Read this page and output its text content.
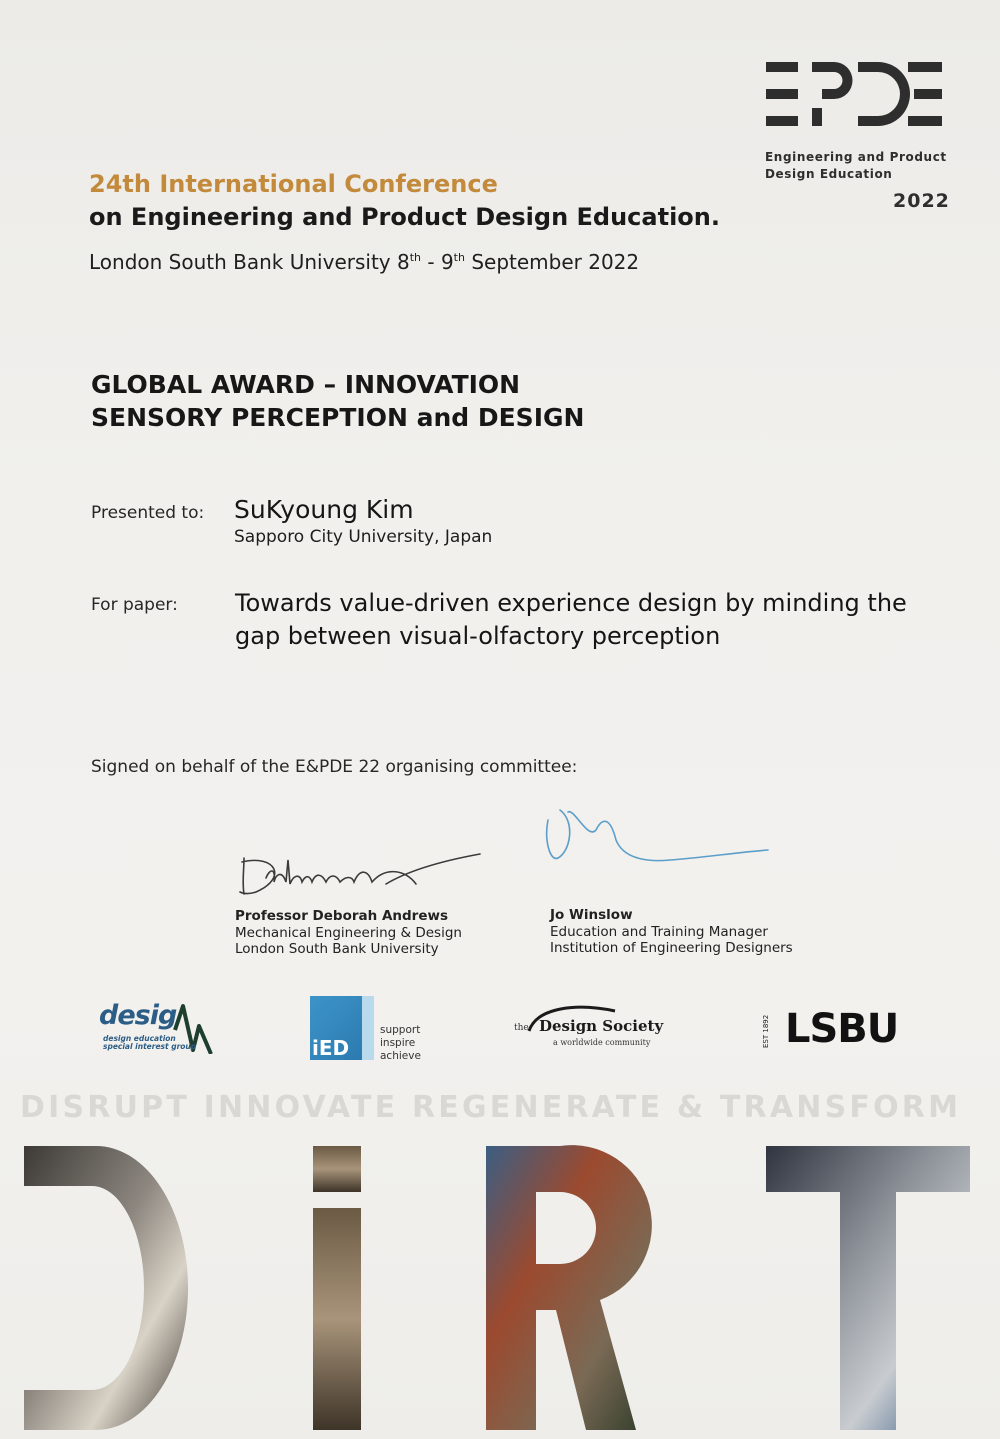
Engineering and Product
Design Education
2022
24th International Conference
on Engineering and Product Design Education.
London South Bank University 8th - 9th September 2022
GLOBAL AWARD – INNOVATION
SENSORY PERCEPTION and DESIGN
Presented to: SuKyoung Kim
Sapporo City University, Japan
For paper: Towards value-driven experience design by minding the gap between visual-olfactory perception
Signed on behalf of the E&PDE 22 organising committee:
Professor Deborah Andrews
Mechanical Engineering & Design
London South Bank University
Jo Winslow
Education and Training Manager
Institution of Engineering Designers
desig
design education
special interest group	iED
support
inspire
achieve
the Design Society
a worldwide community	EST 1892 LSBU
DISRUPT INNOVATE REGENERATE & TRANSFORM
